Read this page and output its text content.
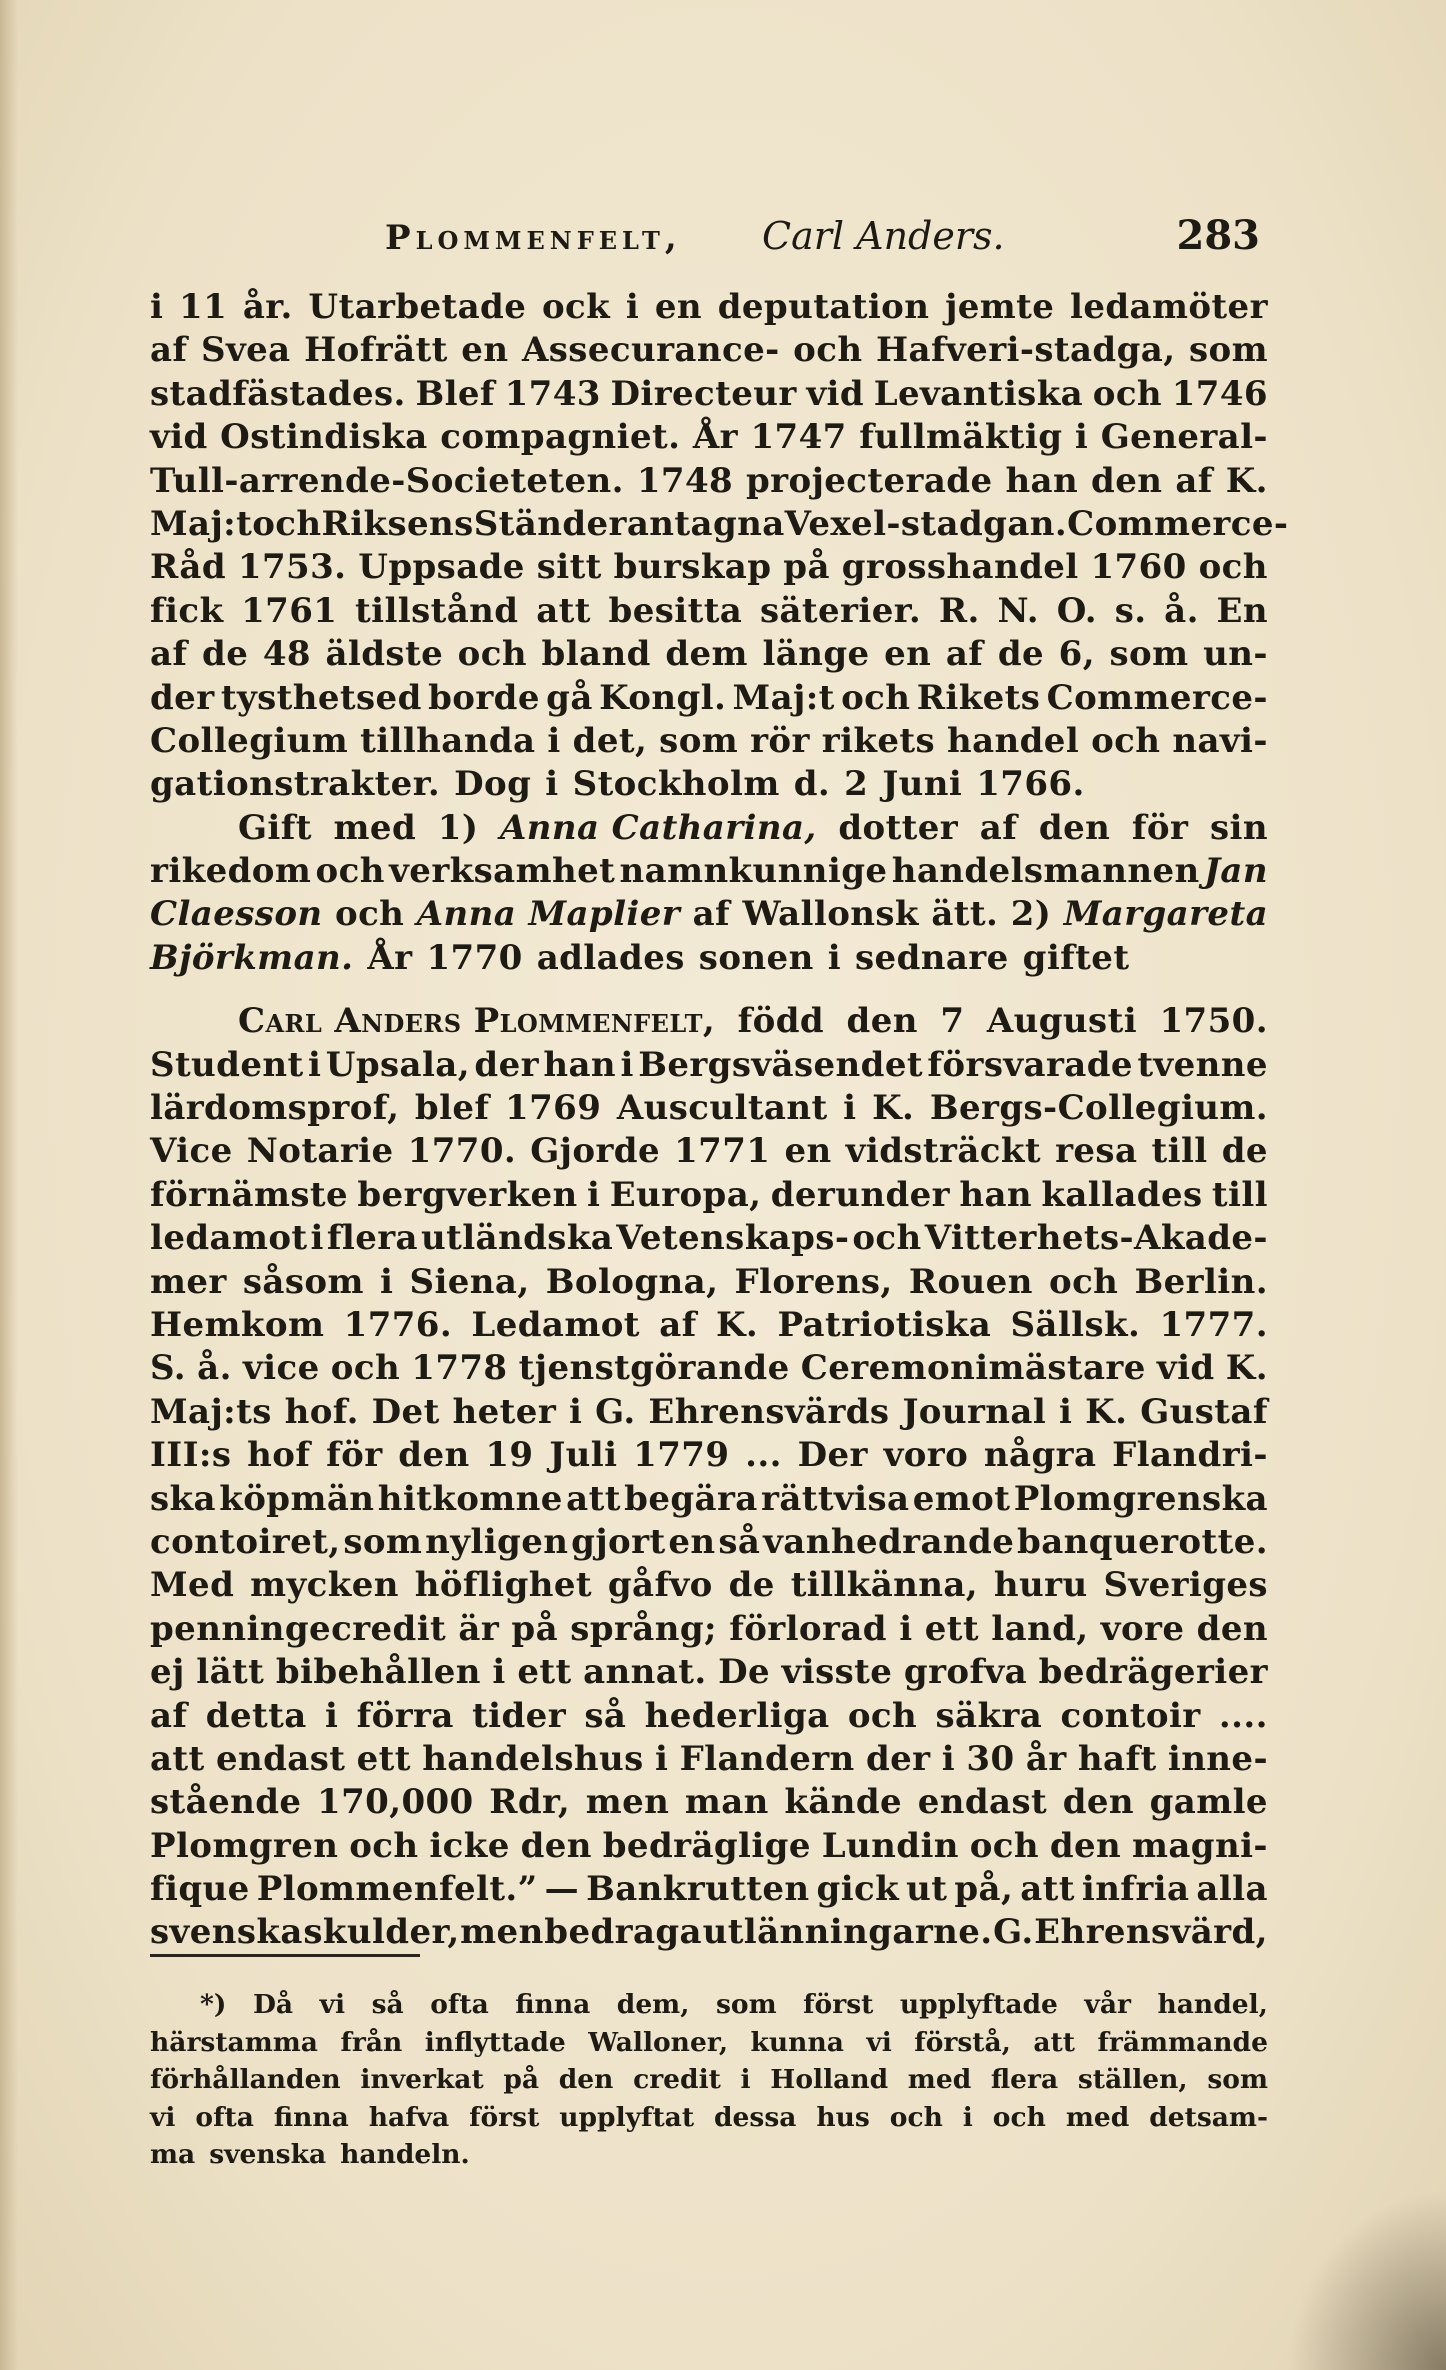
Plommenfelt, Carl Anders.	283
i 11 år. Utarbetade ock i en deputation jemte ledamöter
af Svea Hofrätt en Assecurance- och Hafveri-stadga, som
stadfästades. Blef 1743 Directeur vid Levantiska och 1746
vid Ostindiska compagniet. År 1747 fullmäktig i General-
Tull-arrende-Societeten. 1748 projecterade han den af K.
Maj:t och Riksens Ständer antagna Vexel-stadgan. Commerce-
Råd 1753. Uppsade sitt burskap på grosshandel 1760 och
fick 1761 tillstånd att besitta säterier. R. N. O. s. å. En
af de 48 äldste och bland dem länge en af de 6, som un-
der tysthetsed borde gå Kongl. Maj:t och Rikets Commerce-
Collegium tillhanda i det, som rör rikets handel och navi-
gationstrakter. Dog i Stockholm d. 2 Juni 1766.
Gift med 1) Anna Catharina, dotter af den för sin
rikedom och verksamhet namnkunnige handelsmannen Jan
Claesson och Anna Maplier af Wallonsk ätt. 2) Margareta
Björkman. År 1770 adlades sonen i sednare giftet
Carl Anders Plommenfelt, född den 7 Augusti 1750.
Student i Upsala, der han i Bergsväsendet försvarade tvenne
lärdomsprof, blef 1769 Auscultant i K. Bergs-Collegium.
Vice Notarie 1770. Gjorde 1771 en vidsträckt resa till de
förnämste bergverken i Europa, derunder han kallades till
ledamot i flera utländska Vetenskaps- och Vitterhets-Akade-
mer såsom i Siena, Bologna, Florens, Rouen och Berlin.
Hemkom 1776. Ledamot af K. Patriotiska Sällsk. 1777.
S. å. vice och 1778 tjenstgörande Ceremonimästare vid K.
Maj:ts hof. Det heter i G. Ehrensvärds Journal i K. Gustaf
III:s hof för den 19 Juli 1779 ... Der voro några Flandri-
ska köpmän hitkomne att begära rättvisa emot Plomgrenska
contoiret, som nyligen gjort en så vanhedrande banquerotte.
Med mycken höflighet gåfvo de tillkänna, huru Sveriges
penningecredit är på språng; förlorad i ett land, vore den
ej lätt bibehållen i ett annat. De visste grofva bedrägerier
af detta i förra tider så hederliga och säkra contoir ....
att endast ett handelshus i Flandern der i 30 år haft inne-
stående 170,000 Rdr, men man kände endast den gamle
Plomgren och icke den bedräglige Lundin och den magni-
fique Plommenfelt.” — Bankrutten gick ut på, att infria alla
svenska skulder, men bedraga utlänningarne. G. Ehrensvärd,
*) Då vi så ofta finna dem, som först upplyftade vår handel,
härstamma från inflyttade Walloner, kunna vi förstå, att främmande
förhållanden inverkat på den credit i Holland med flera ställen, som
vi ofta finna hafva först upplyftat dessa hus och i och med detsam-
ma svenska handeln.
